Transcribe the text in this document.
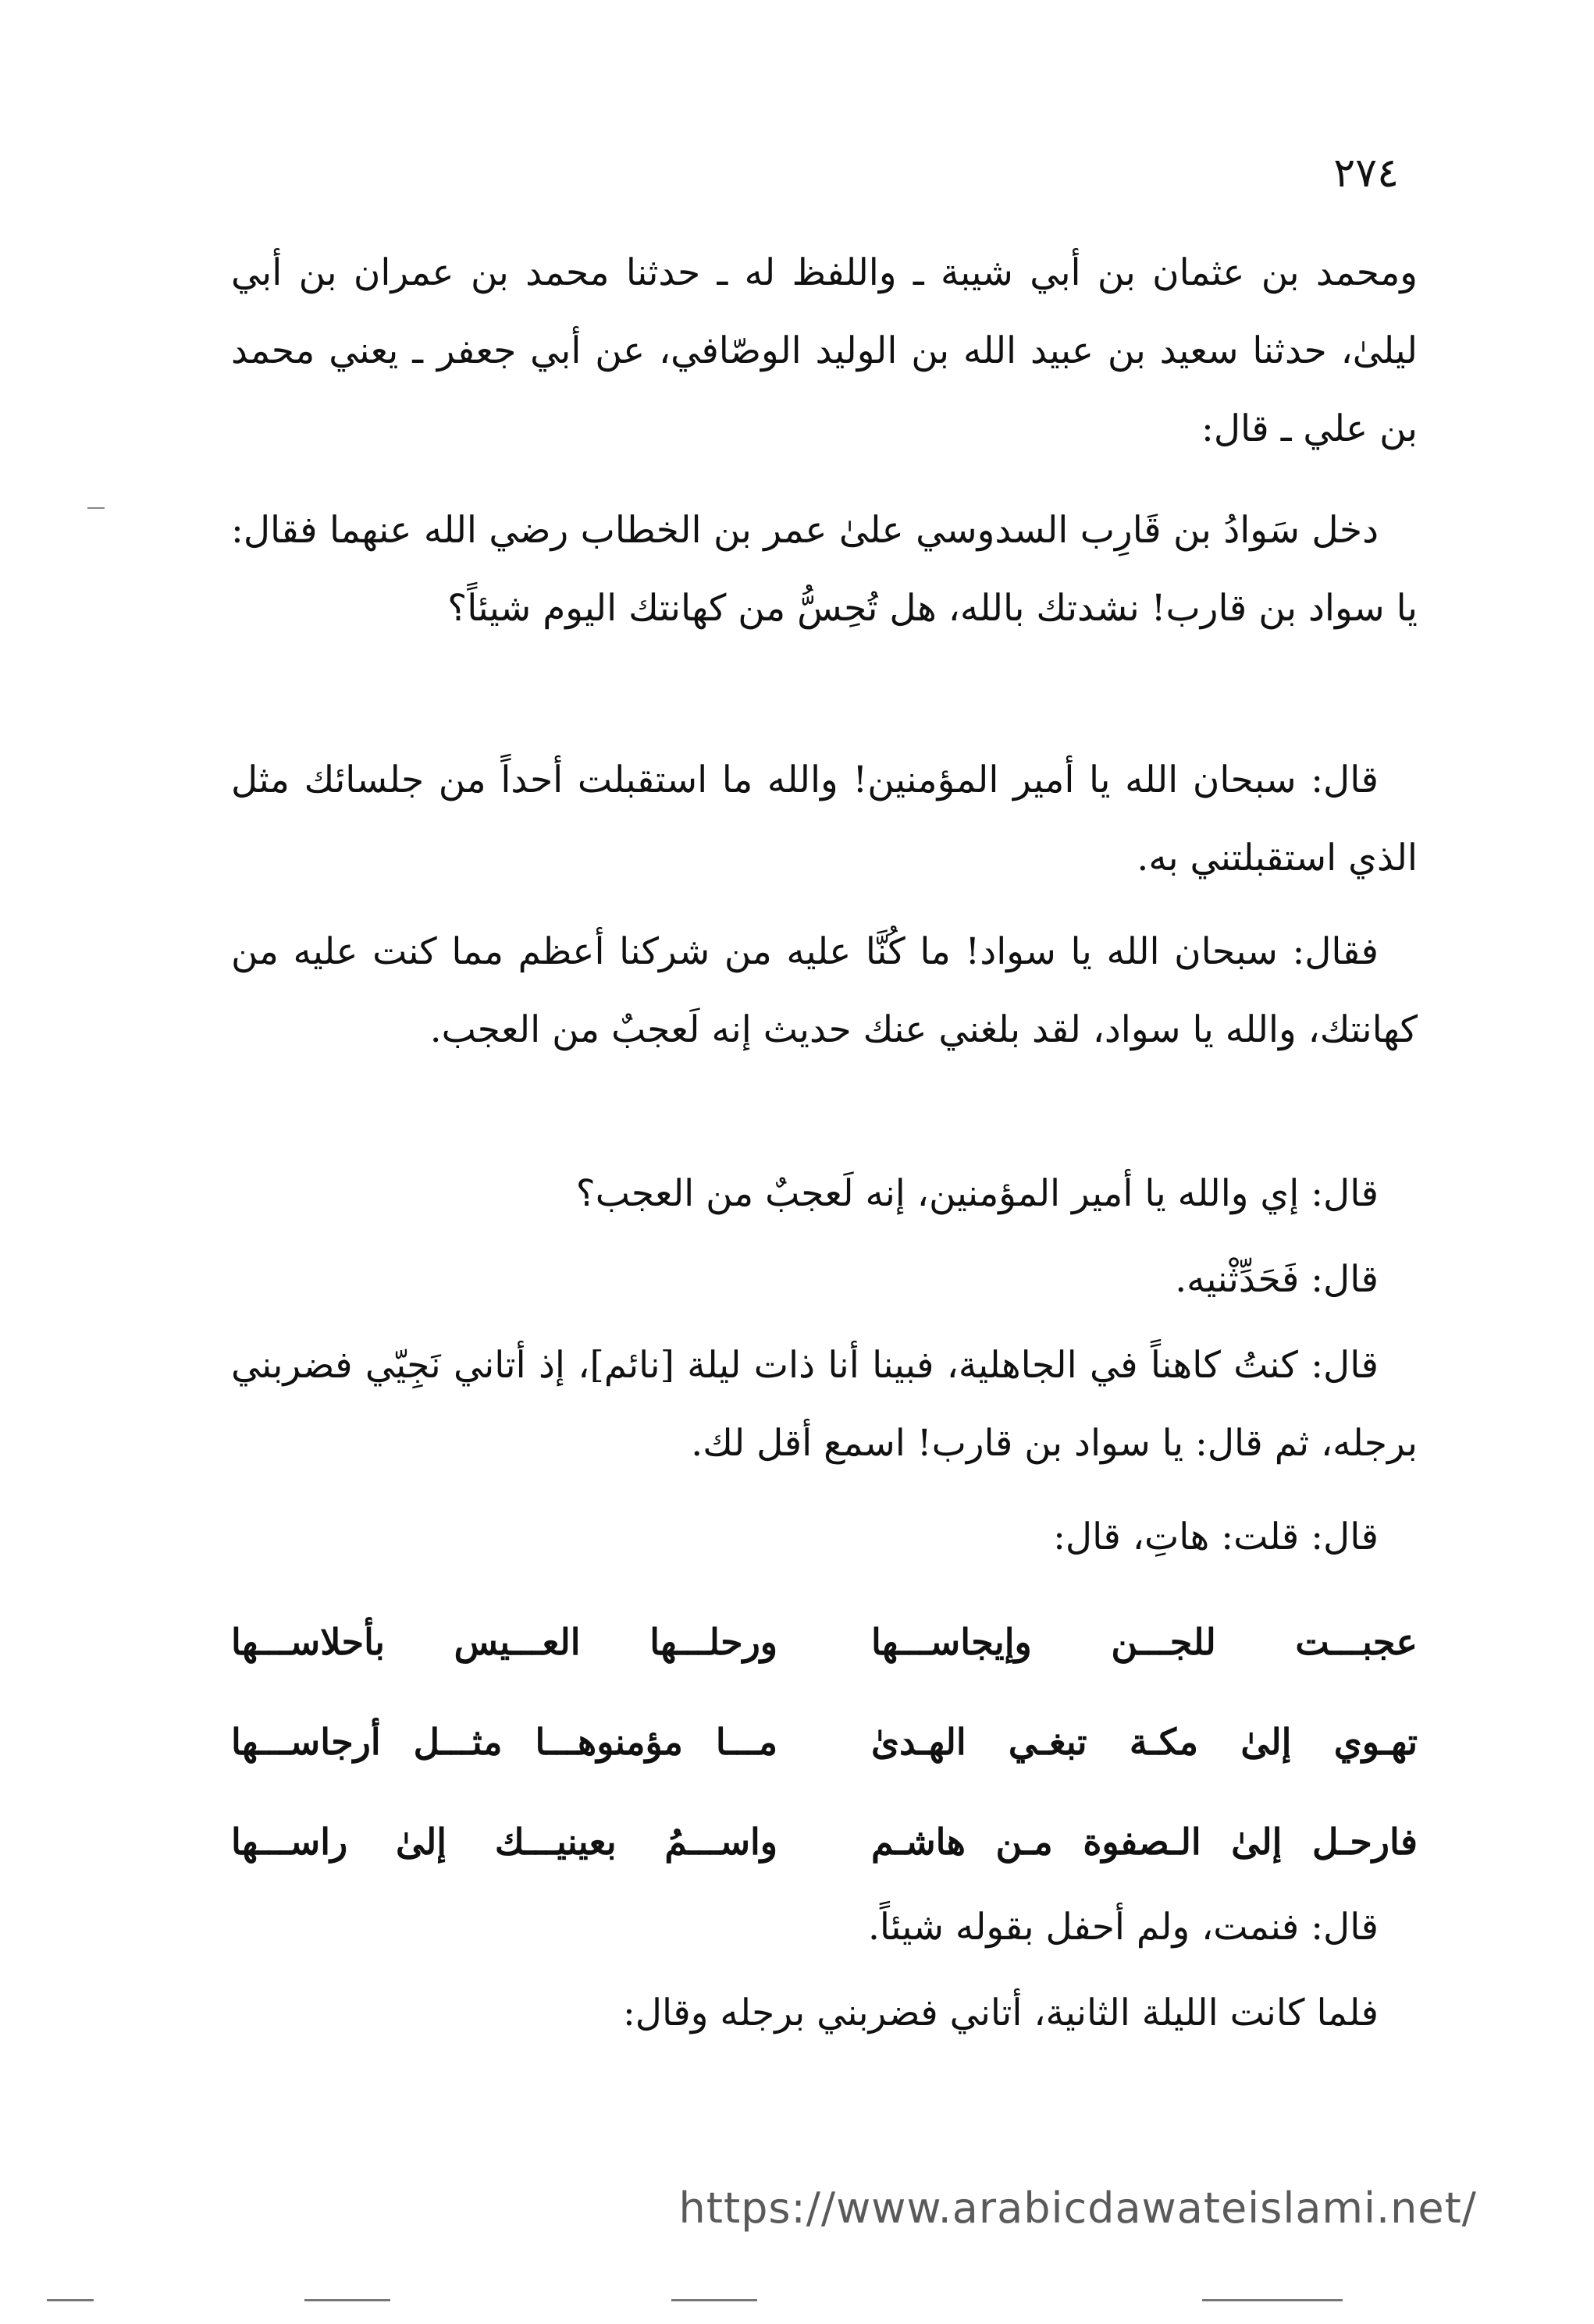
٢٧٤

ومحمد بن عثمان بن أبي شيبة ـ واللفظ له ـ حدثنا محمد بن عمران بن أبي ليلىٰ، حدثنا سعيد بن عبيد الله بن الوليد الوصّافي، عن أبي جعفر ـ يعني محمد بن علي ـ قال:

دخل سَوادُ بن قَارِب السدوسي علىٰ عمر بن الخطاب رضي الله عنهما فقال: يا سواد بن قارب! نشدتك بالله، هل تُحِسُّ من كهانتك اليوم شيئاً؟

قال: سبحان الله يا أمير المؤمنين! والله ما استقبلت أحداً من جلسائك مثل الذي استقبلتني به.

فقال: سبحان الله يا سواد! ما كُنَّا عليه من شركنا أعظم مما كنت عليه من كهانتك، والله يا سواد، لقد بلغني عنك حديث إنه لَعجبٌ من العجب.

قال: إي والله يا أمير المؤمنين، إنه لَعجبٌ من العجب؟

قال: فَحَدِّثْنيه.

قال: كنتُ كاهناً في الجاهلية، فبينا أنا ذات ليلة [نائم]، إذ أتاني نَجِيّي فضربني برجله، ثم قال: يا سواد بن قارب! اسمع أقل لك.

قال: قلت: هاتِ، قال:

عجبـــت للجـــن وإيجاســـها
ورحلـــها العـــيس بأحلاســـها
تهـوي إلىٰ مكـة تبغـي الهـدىٰ
مـــا مؤمنوهـــا مثـــل أرجاســـها
فارحـل إلىٰ الـصفوة مـن هاشـم
واســـمُ بعينيـــك إلىٰ راســـها

قال: فنمت، ولم أحفل بقوله شيئاً.

فلما كانت الليلة الثانية، أتاني فضربني برجله وقال:

https://www.arabicdawateislami.net/
